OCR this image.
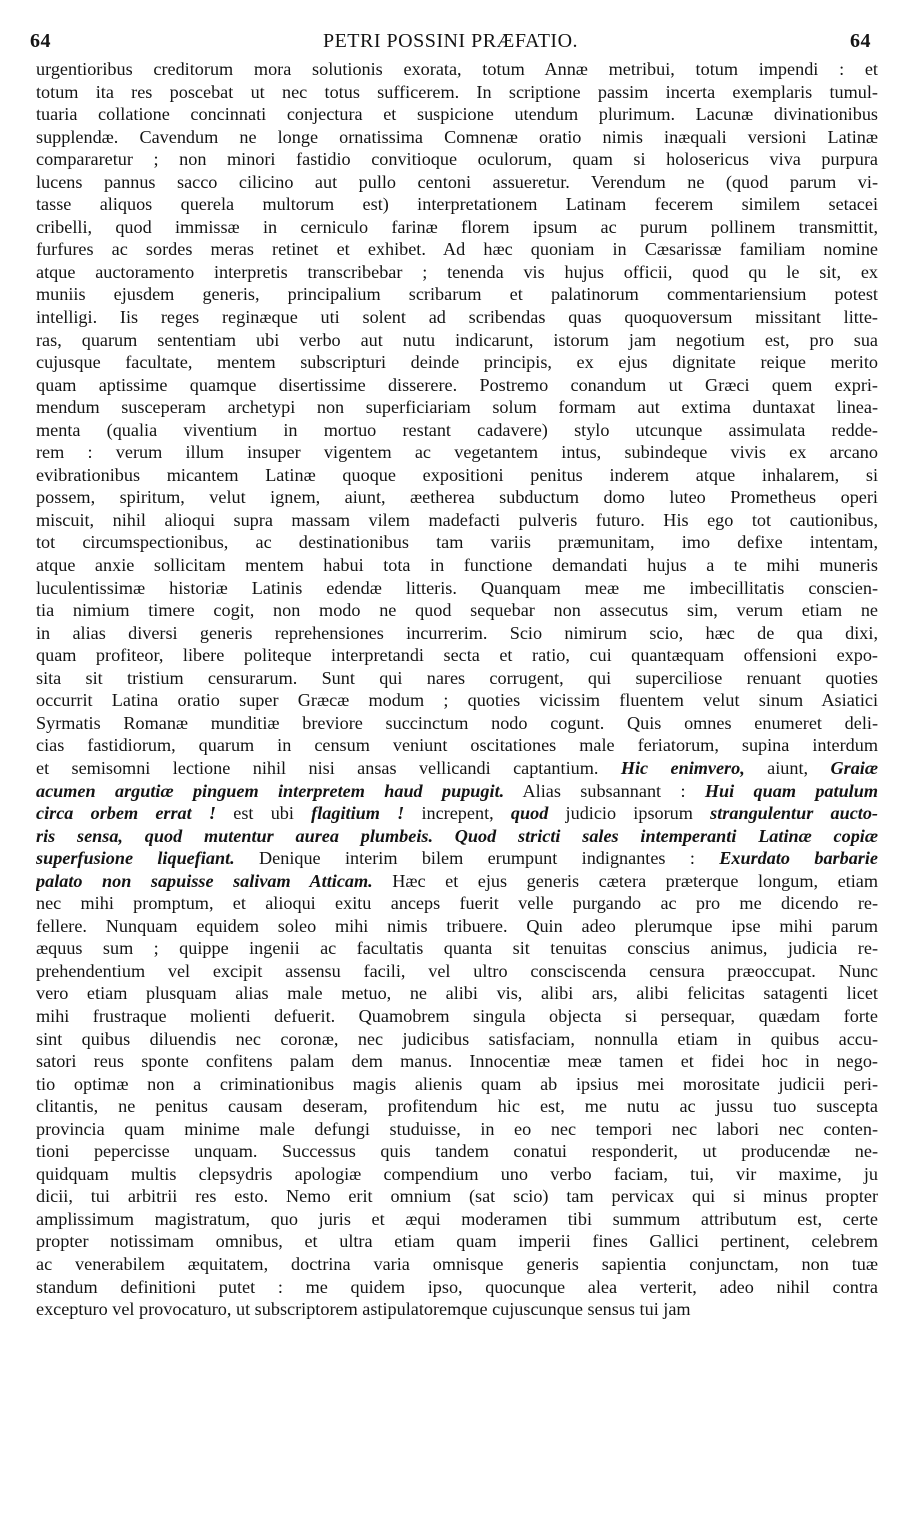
64	PETRI POSSINI PRÆFATIO.	64
urgentioribus creditorum mora solutionis exorata, totum Annæ metribui, totum impendi : et
totum ita res poscebat ut nec totus sufficerem. In scriptione passim incerta exemplaris tumul-
tuaria collatione concinnati conjectura et suspicione utendum plurimum. Lacunæ divinationibus
supplendæ. Cavendum ne longe ornatissima Comnenæ oratio nimis inæquali versioni Latinæ
compararetur ; non minori fastidio convitioque oculorum, quam si holosericus viva purpura
lucens pannus sacco cilicino aut pullo centoni assueretur. Verendum ne (quod parum vi-
tasse aliquos querela multorum est) interpretationem Latinam fecerem similem setacei
cribelli, quod immissæ in cerniculo farinæ florem ipsum ac purum pollinem transmittit,
furfures ac sordes meras retinet et exhibet. Ad hæc quoniam in Cæsarissæ familiam nomine
atque auctoramento interpretis transcribebar ; tenenda vis hujus officii, quod qu le sit, ex
muniis ejusdem generis, principalium scribarum et palatinorum commentariensium potest
intelligi. Iis reges reginæque uti solent ad scribendas quas quoquoversum missitant litte-
ras, quarum sententiam ubi verbo aut nutu indicarunt, istorum jam negotium est, pro sua
cujusque facultate, mentem subscripturi deinde principis, ex ejus dignitate reique merito
quam aptissime quamque disertissime disserere. Postremo conandum ut Græci quem expri-
mendum susceperam archetypi non superficiariam solum formam aut extima duntaxat linea-
menta (qualia viventium in mortuo restant cadavere) stylo utcunque assimulata redde-
rem : verum illum insuper vigentem ac vegetantem intus, subindeque vivis ex arcano
evibrationibus micantem Latinæ quoque expositioni penitus inderem atque inhalarem, si
possem, spiritum, velut ignem, aiunt, æetherea subductum domo luteo Prometheus operi
miscuit, nihil alioqui supra massam vilem madefacti pulveris futuro. His ego tot cautionibus,
tot circumspectionibus, ac destinationibus tam variis præmunitam, imo defixe intentam,
atque anxie sollicitam mentem habui tota in functione demandati hujus a te mihi muneris
luculentissimæ historiæ Latinis edendæ litteris. Quanquam meæ me imbecillitatis conscien-
tia nimium timere cogit, non modo ne quod sequebar non assecutus sim, verum etiam ne
in alias diversi generis reprehensiones incurrerim. Scio nimirum scio, hæc de qua dixi,
quam profiteor, libere politeque interpretandi secta et ratio, cui quantæquam offensioni expo-
sita sit tristium censurarum. Sunt qui nares corrugent, qui superciliose renuant quoties
occurrit Latina oratio super Græcæ modum ; quoties vicissim fluentem velut sinum Asiatici
Syrmatis Romanæ munditiæ breviore succinctum nodo cogunt. Quis omnes enumeret deli-
cias fastidiorum, quarum in censum veniunt oscitationes male feriatorum, supina interdum
et semisomni lectione nihil nisi ansas vellicandi captantium. Hic enimvero, aiunt, Graiæ
acumen argutiæ pinguem interpretem haud pupugit. Alias subsannant : Hui quam patulum
circa orbem errat ! est ubi flagitium ! increpent, quod judicio ipsorum strangulentur aucto-
ris sensa, quod mutentur aurea plumbeis. Quod stricti sales intemperanti Latinæ copiæ
superfusione liquefiant. Denique interim bilem erumpunt indignantes : Exurdato barbarie
palato non sapuisse salivam Atticam. Hæc et ejus generis cætera præterque longum, etiam
nec mihi promptum, et alioqui exitu anceps fuerit velle purgando ac pro me dicendo re-
fellere. Nunquam equidem soleo mihi nimis tribuere. Quin adeo plerumque ipse mihi parum
æquus sum ; quippe ingenii ac facultatis quanta sit tenuitas conscius animus, judicia re-
prehendentium vel excipit assensu facili, vel ultro consciscenda censura præoccupat. Nunc
vero etiam plusquam alias male metuo, ne alibi vis, alibi ars, alibi felicitas satagenti licet
mihi frustraque molienti defuerit. Quamobrem singula objecta si persequar, quædam forte
sint quibus diluendis nec coronæ, nec judicibus satisfaciam, nonnulla etiam in quibus accu-
satori reus sponte confitens palam dem manus. Innocentiæ meæ tamen et fidei hoc in nego-
tio optimæ non a criminationibus magis alienis quam ab ipsius mei morositate judicii peri-
clitantis, ne penitus causam deseram, profitendum hic est, me nutu ac jussu tuo suscepta
provincia quam minime male defungi studuisse, in eo nec tempori nec labori nec conten-
tioni pepercisse unquam. Successus quis tandem conatui responderit, ut producendæ ne-
quidquam multis clepsydris apologiæ compendium uno verbo faciam, tui, vir maxime, ju
dicii, tui arbitrii res esto. Nemo erit omnium (sat scio) tam pervicax qui si minus propter
amplissimum magistratum, quo juris et æqui moderamen tibi summum attributum est, certe
propter notissimam omnibus, et ultra etiam quam imperii fines Gallici pertinent, celebrem
ac venerabilem æquitatem, doctrina varia omnisque generis sapientia conjunctam, non tuæ
standum definitioni putet : me quidem ipso, quocunque alea verterit, adeo nihil contra
excepturo vel provocaturo, ut subscriptorem astipulatoremque cujuscunque sensus tui jam
